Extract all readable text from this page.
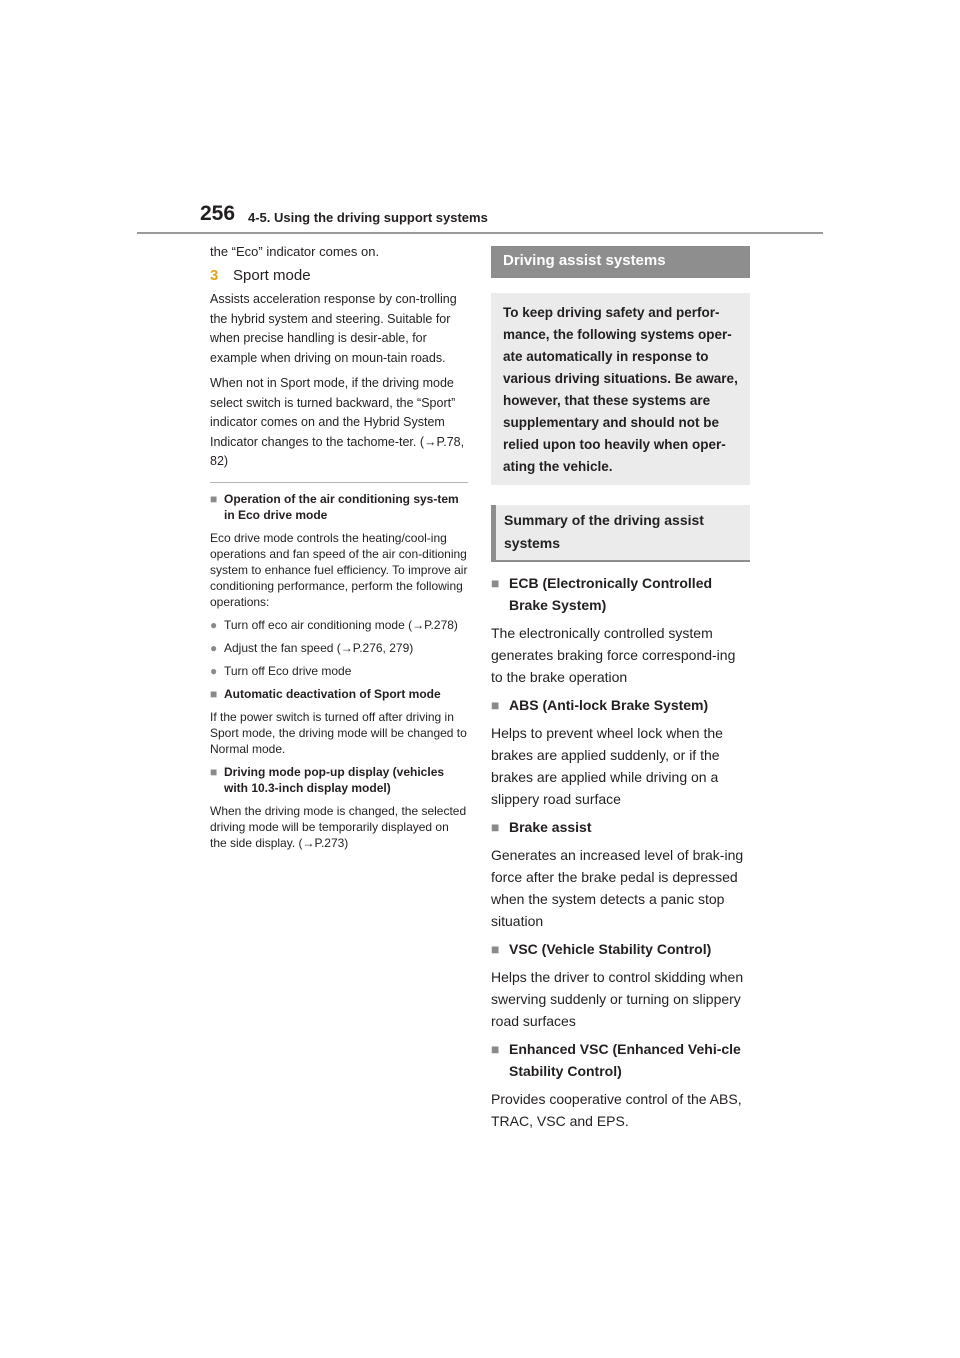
256 4-5. Using the driving support systems

the “Eco” indicator comes on.

3 Sport mode

Assists acceleration response by con-trolling the hybrid system and steering. Suitable for when precise handling is desir-able, for example when driving on moun-tain roads.

When not in Sport mode, if the driving mode select switch is turned backward, the “Sport” indicator comes on and the Hybrid System Indicator changes to the tachome-ter. (→P.78, 82)

■ Operation of the air conditioning sys-tem in Eco drive mode

Eco drive mode controls the heating/cool-ing operations and fan speed of the air con-ditioning system to enhance fuel efficiency. To improve air conditioning performance, perform the following operations:

● Turn off eco air conditioning mode (→P.278)
● Adjust the fan speed (→P.276, 279)
● Turn off Eco drive mode
■ Automatic deactivation of Sport mode

If the power switch is turned off after driving in Sport mode, the driving mode will be changed to Normal mode.

■ Driving mode pop-up display (vehicles with 10.3-inch display model)

When the driving mode is changed, the selected driving mode will be temporarily displayed on the side display. (→P.273)

Driving assist systems
To keep driving safety and perfor-mance, the following systems oper-ate automatically in response to various driving situations. Be aware, however, that these systems are supplementary and should not be relied upon too heavily when oper-ating the vehicle.
Summary of the driving assist systems
■ ECB (Electronically Controlled Brake System)

The electronically controlled system generates braking force correspond-ing to the brake operation

■ ABS (Anti-lock Brake System)

Helps to prevent wheel lock when the brakes are applied suddenly, or if the brakes are applied while driving on a slippery road surface

■ Brake assist

Generates an increased level of brak-ing force after the brake pedal is depressed when the system detects a panic stop situation

■ VSC (Vehicle Stability Control)

Helps the driver to control skidding when swerving suddenly or turning on slippery road surfaces

■ Enhanced VSC (Enhanced Vehi-cle Stability Control)

Provides cooperative control of the ABS, TRAC, VSC and EPS.
